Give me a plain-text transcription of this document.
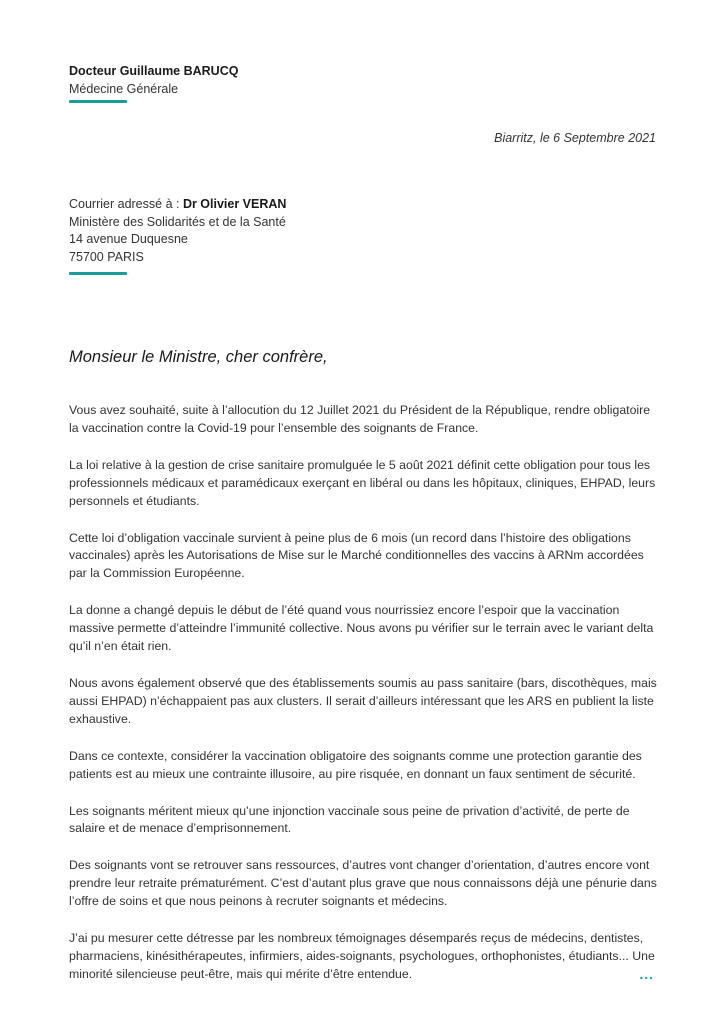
Docteur Guillaume BARUCQ
Médecine Générale
Biarritz, le 6 Septembre 2021
Courrier adressé à : Dr Olivier VERAN
Ministère des Solidarités et de la Santé
14 avenue Duquesne
75700 PARIS
Monsieur le Ministre, cher confrère,

Vous avez souhaité, suite à l’allocution du 12 Juillet 2021 du Président de la République, rendre obligatoire la vaccination contre la Covid-19 pour l’ensemble des soignants de France.

La loi relative à la gestion de crise sanitaire promulguée le 5 août 2021 définit cette obligation pour tous les professionnels médicaux et paramédicaux exerçant en libéral ou dans les hôpitaux, cliniques, EHPAD, leurs personnels et étudiants.

Cette loi d’obligation vaccinale survient à peine plus de 6 mois (un record dans l’histoire des obligations vaccinales) après les Autorisations de Mise sur le Marché conditionnelles des vaccins à ARNm accordées par la Commission Européenne.

La donne a changé depuis le début de l’été quand vous nourrissiez encore l’espoir que la vaccination massive permette d’atteindre l’immunité collective. Nous avons pu vérifier sur le terrain avec le variant delta qu’il n’en était rien.

Nous avons également observé que des établissements soumis au pass sanitaire (bars, discothèques, mais aussi EHPAD) n’échappaient pas aux clusters. Il serait d’ailleurs intéressant que les ARS en publient la liste exhaustive.

Dans ce contexte, considérer la vaccination obligatoire des soignants comme une protection garantie des patients est au mieux une contrainte illusoire, au pire risquée, en donnant un faux sentiment de sécurité.

Les soignants méritent mieux qu’une injonction vaccinale sous peine de privation d’activité, de perte de salaire et de menace d’emprisonnement.

Des soignants vont se retrouver sans ressources, d’autres vont changer d’orientation, d’autres encore vont prendre leur retraite prématurément. C’est d’autant plus grave que nous connaissons déjà une pénurie dans l’offre de soins et que nous peinons à recruter soignants et médecins.

J’ai pu mesurer cette détresse par les nombreux témoignages désemparés reçus de médecins, dentistes, pharmaciens, kinésithérapeutes, infirmiers, aides-soignants, psychologues, orthophonistes, étudiants... Une minorité silencieuse peut-être, mais qui mérite d’être entendue.	...
